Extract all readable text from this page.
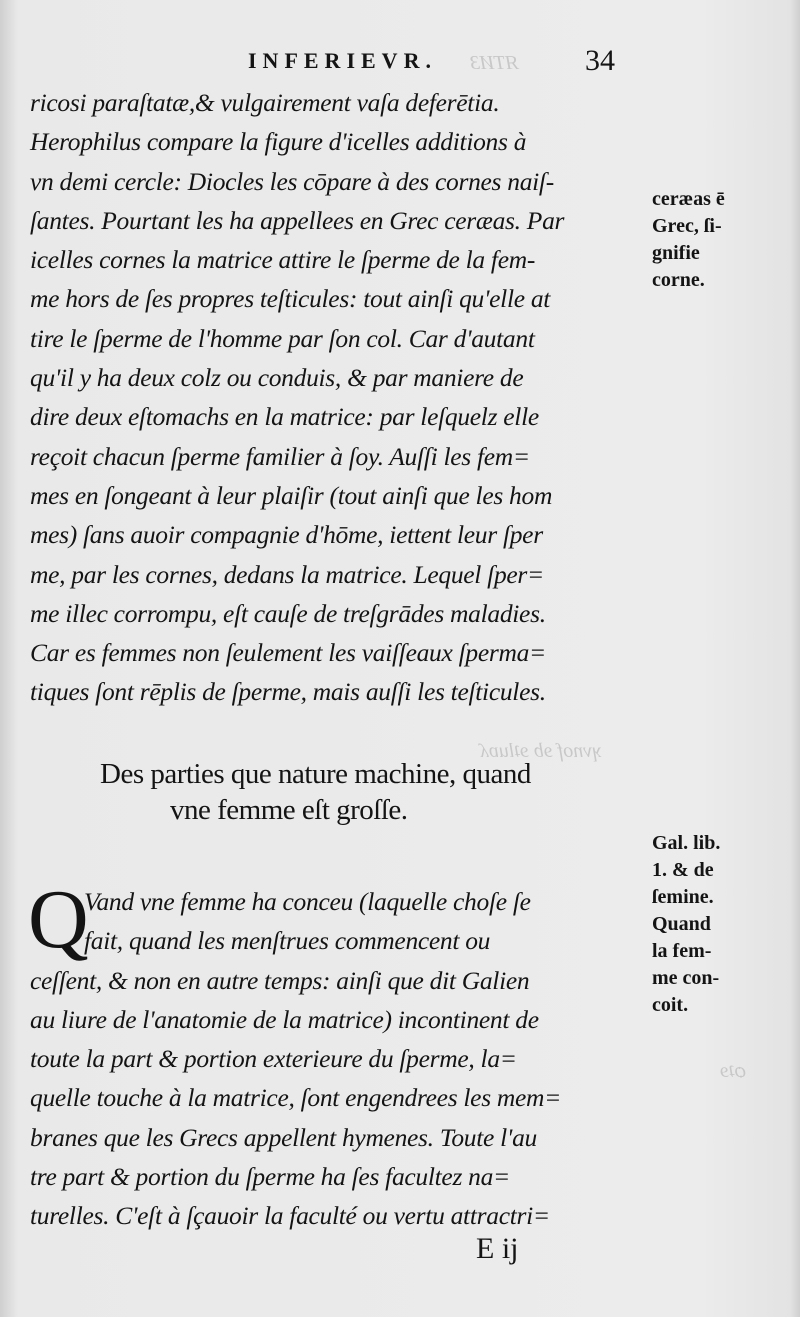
ЯТИЗ
ʞvnof ɘb ɘʇluɒʎ
ѻʇɘ
INFERIEVR.	34
ricosi paraſtatæ,& vulgairement vaſa deferētia.
Herophilus compare la figure d'icelles additions à
vn demi cercle: Diocles les cōpare à des cornes naiſ-
ſantes. Pourtant les ha appellees en Grec ceræas. Par
icelles cornes la matrice attire le ſperme de la fem-
me hors de ſes propres teſticules: tout ainſi qu'elle at
tire le ſperme de l'homme par ſon col. Car d'autant
qu'il y ha deux colz ou conduis, & par maniere de
dire deux eſtomachs en la matrice: par leſquelz elle
reçoit chacun ſperme familier à ſoy. Auſſi les fem=
mes en ſongeant à leur plaiſir (tout ainſi que les hom
mes) ſans auoir compagnie d'hōme, iettent leur ſper
me, par les cornes, dedans la matrice. Lequel ſper=
me illec corrompu, eſt cauſe de treſgrādes maladies.
Car es femmes non ſeulement les vaiſſeaux ſperma=
tiques ſont rēplis de ſperme, mais auſſi les teſticules.
ceræas ē
Grec, ſi-
gnifie
corne.
Des parties que nature machine, quand
vne femme eſt groſſe.
Gal. lib.
1. & de
ſemine.
Quand
la fem-
me con-
coit.
Q
Vand vne femme ha conceu (laquelle choſe ſe
fait, quand les menſtrues commencent ou
ceſſent, & non en autre temps: ainſi que dit Galien
au liure de l'anatomie de la matrice) incontinent de
toute la part & portion exterieure du ſperme, la=
quelle touche à la matrice, ſont engendrees les mem=
branes que les Grecs appellent hymenes. Toute l'au
tre part & portion du ſperme ha ſes facultez na=
turelles. C'eſt à ſçauoir la faculté ou vertu attractri=
E ij
